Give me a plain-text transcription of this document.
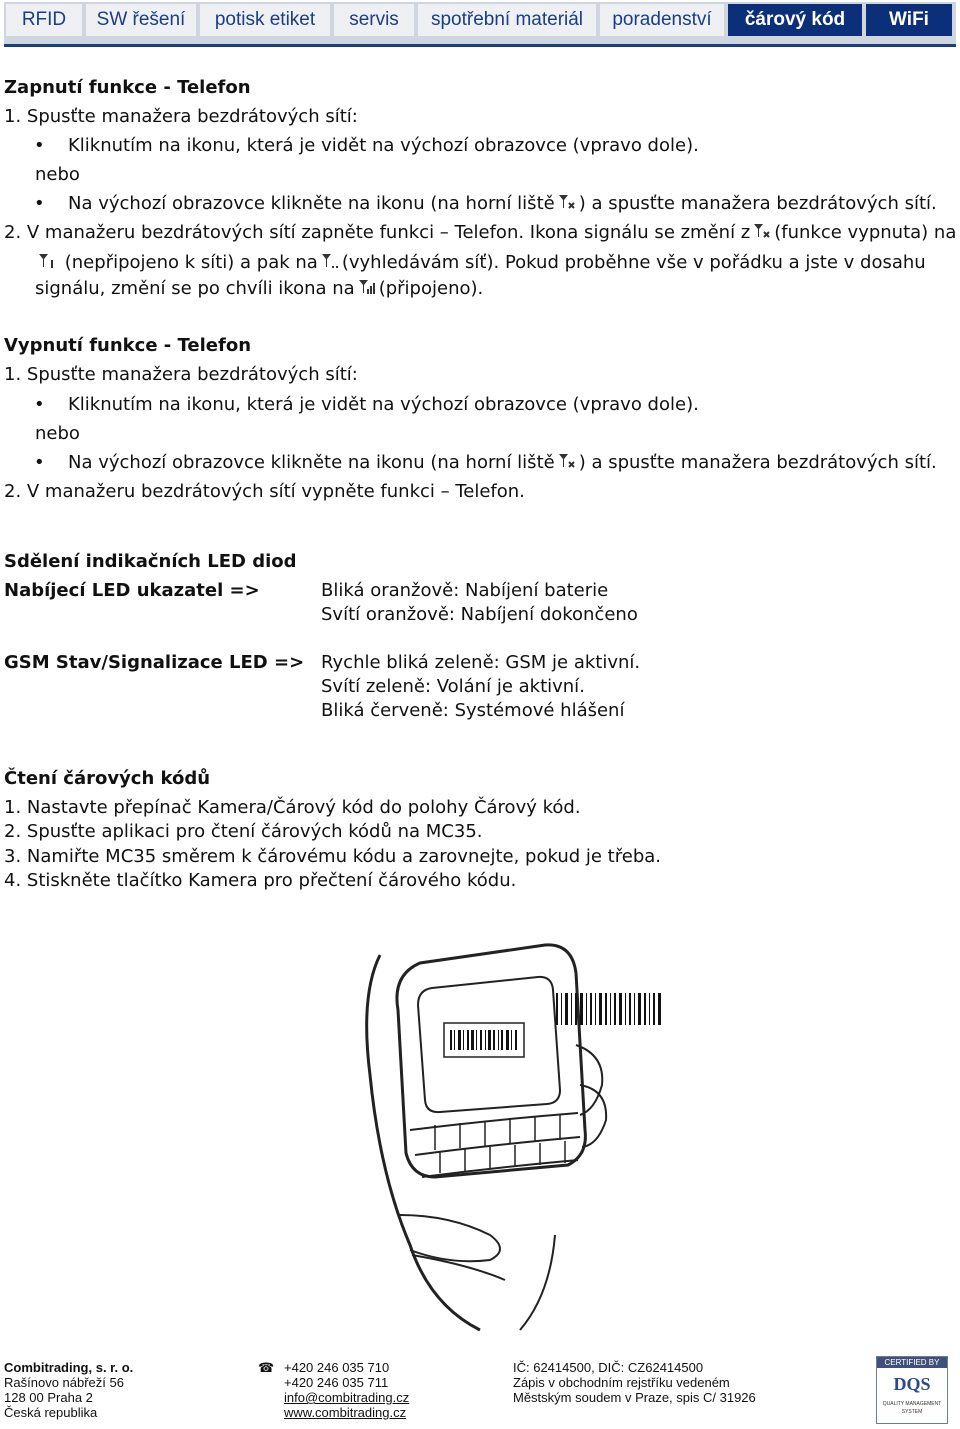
RFID	SW řešení	potisk etiket	servis	spotřební materiál	poradenství	čárový kód	WiFi
Zapnutí funkce - Telefon
1. Spusťte manažera bezdrátových sítí:
• Kliknutím na ikonu, která je vidět na výchozí obrazovce (vpravo dole).
nebo
• Na výchozí obrazovce klikněte na ikonu (na horní liště ) a spusťte manažera bezdrátových sítí.
2. V manažeru bezdrátových sítí zapněte funkci – Telefon. Ikona signálu se změní z (funkce vypnuta) na
(nepřipojeno k síti) a pak na (vyhledávám síť). Pokud proběhne vše v pořádku a jste v dosahu
signálu, změní se po chvíli ikona na (připojeno).
Vypnutí funkce - Telefon
1. Spusťte manažera bezdrátových sítí:
• Kliknutím na ikonu, která je vidět na výchozí obrazovce (vpravo dole).
nebo
• Na výchozí obrazovce klikněte na ikonu (na horní liště ) a spusťte manažera bezdrátových sítí.
2. V manažeru bezdrátových sítí vypněte funkci – Telefon.
Sdělení indikačních LED diod
Nabíjecí LED ukazatel =>	Bliká oranžově: Nabíjení baterie
Svítí oranžově: Nabíjení dokončeno
GSM Stav/Signalizace LED => Rychle bliká zeleně: GSM je aktivní.
Svítí zeleně: Volání je aktivní.
Bliká červeně: Systémové hlášení
Čtení čárových kódů
1. Nastavte přepínač Kamera/Čárový kód do polohy Čárový kód.
2. Spusťte aplikaci pro čtení čárových kódů na MC35.
3. Namiřte MC35 směrem k čárovému kódu a zarovnejte, pokud je třeba.
4. Stiskněte tlačítko Kamera pro přečtení čárového kódu.
Combitrading, s. r. o.
Rašínovo nábřeží 56
128 00 Praha 2
Česká republika
☎ +420 246 035 710
+420 246 035 711
info@combitrading.cz
www.combitrading.cz
IČ: 62414500, DIČ: CZ62414500
Zápis v obchodním rejstříku vedeném
Městským soudem v Praze, spis C/ 31926
CERTIFIED BY
DQS
QUALITY MANAGEMENT SYSTEM
